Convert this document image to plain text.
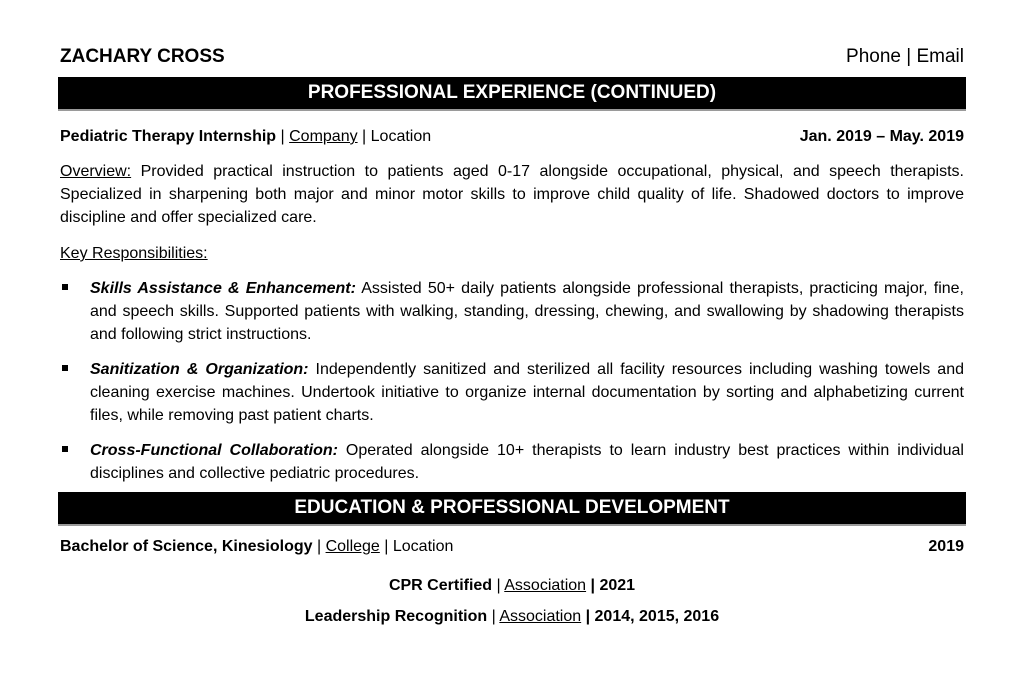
ZACHARY CROSS	Phone | Email
PROFESSIONAL EXPERIENCE (CONTINUED)
Pediatric Therapy Internship | Company | Location	Jan. 2019 – May. 2019
Overview: Provided practical instruction to patients aged 0-17 alongside occupational, physical, and speech therapists. Specialized in sharpening both major and minor motor skills to improve child quality of life. Shadowed doctors to improve discipline and offer specialized care.
Key Responsibilities:
Skills Assistance & Enhancement: Assisted 50+ daily patients alongside professional therapists, practicing major, fine, and speech skills. Supported patients with walking, standing, dressing, chewing, and swallowing by shadowing therapists and following strict instructions.
Sanitization & Organization: Independently sanitized and sterilized all facility resources including washing towels and cleaning exercise machines. Undertook initiative to organize internal documentation by sorting and alphabetizing current files, while removing past patient charts.
Cross-Functional Collaboration: Operated alongside 10+ therapists to learn industry best practices within individual disciplines and collective pediatric procedures.
EDUCATION & PROFESSIONAL DEVELOPMENT
Bachelor of Science, Kinesiology | College | Location	2019
CPR Certified | Association | 2021
Leadership Recognition | Association | 2014, 2015, 2016
